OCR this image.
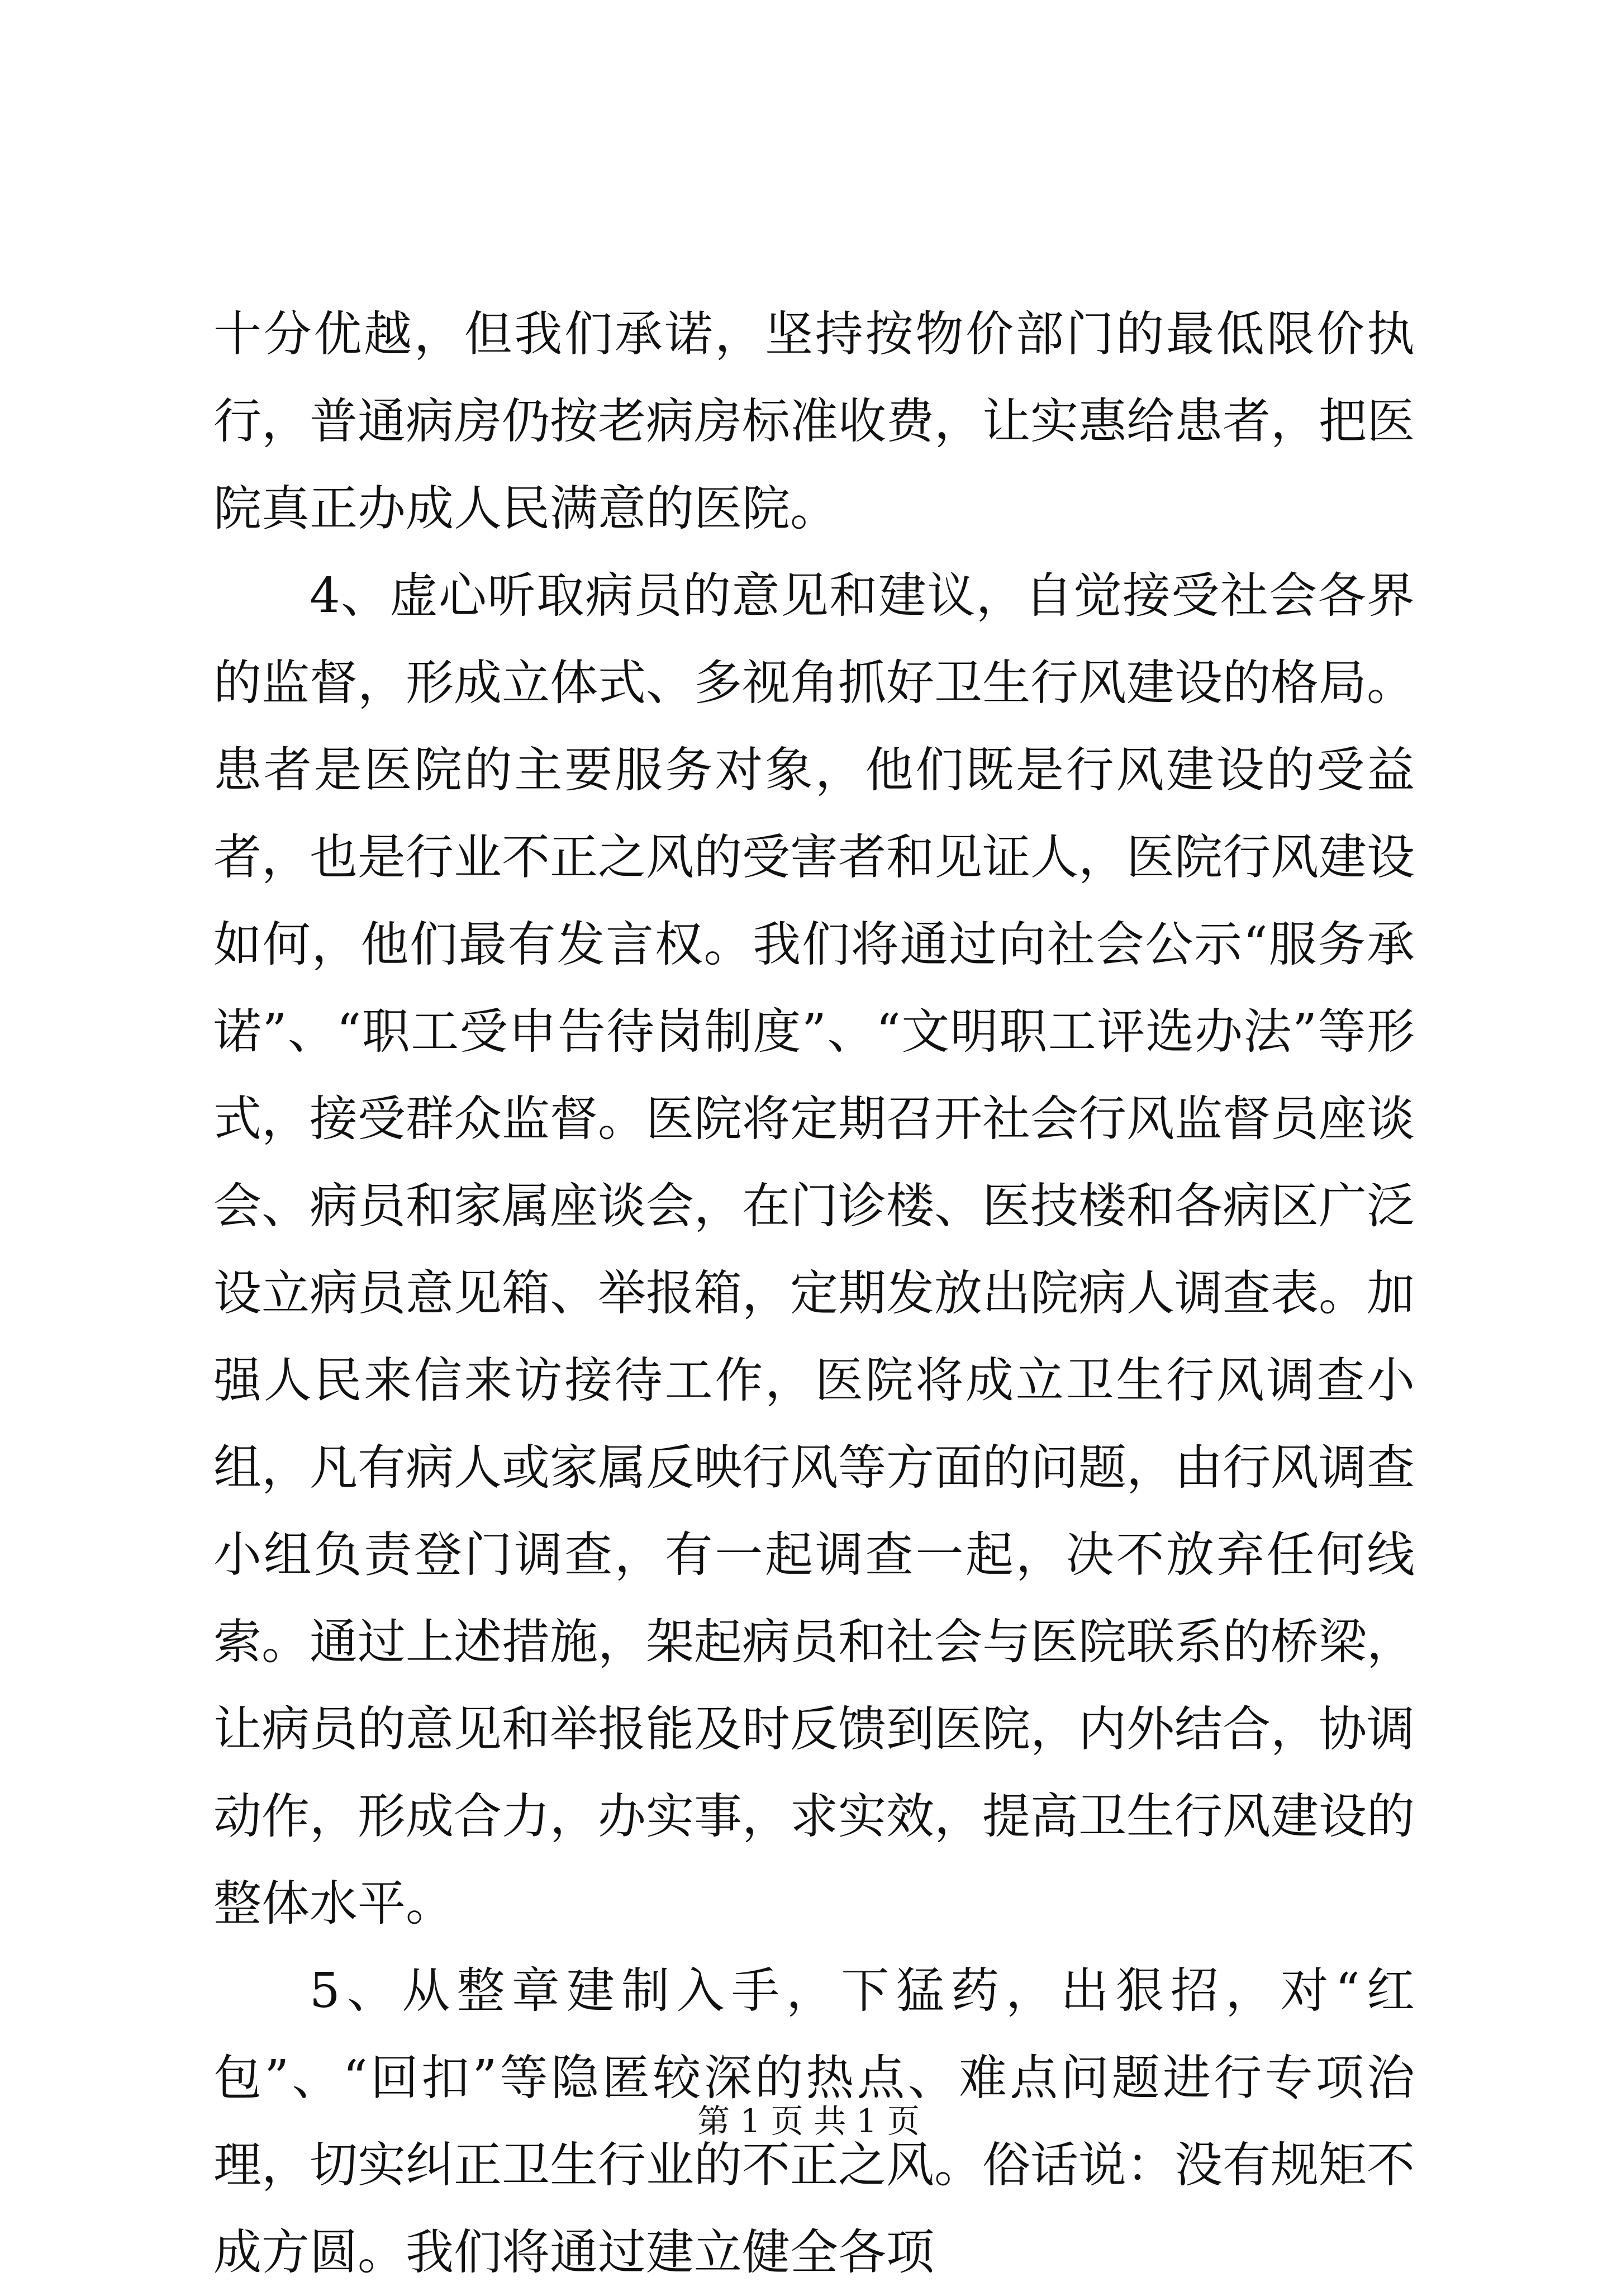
十分优越，但我们承诺，坚持按物价部门的最低限价执行，普通病房仍按老病房标准收费，让实惠给患者，把医院真正办成人民满意的医院。

4、虚心听取病员的意见和建议，自觉接受社会各界的监督，形成立体式、多视角抓好卫生行风建设的格局。患者是医院的主要服务对象，他们既是行风建设的受益者，也是行业不正之风的受害者和见证人，医院行风建设如何，他们最有发言权。我们将通过向社会公示“服务承诺”、“职工受申告待岗制度”、“文明职工评选办法”等形式，接受群众监督。医院将定期召开社会行风监督员座谈会、病员和家属座谈会，在门诊楼、医技楼和各病区广泛设立病员意见箱、举报箱，定期发放出院病人调查表。加强人民来信来访接待工作，医院将成立卫生行风调查小组，凡有病人或家属反映行风等方面的问题，由行风调查小组负责登门调查，有一起调查一起，决不放弃任何线索。通过上述措施，架起病员和社会与医院联系的桥梁，让病员的意见和举报能及时反馈到医院，内外结合，协调动作，形成合力，办实事，求实效，提高卫生行风建设的整体水平。

5、从整章建制入手，下猛药，出狠招，对“红包”、“回扣”等隐匿较深的热点、难点问题进行专项治理，切实纠正卫生行业的不正之风。俗话说：没有规矩不成方圆。我们将通过建立健全各项

第 1 页 共 1 页
